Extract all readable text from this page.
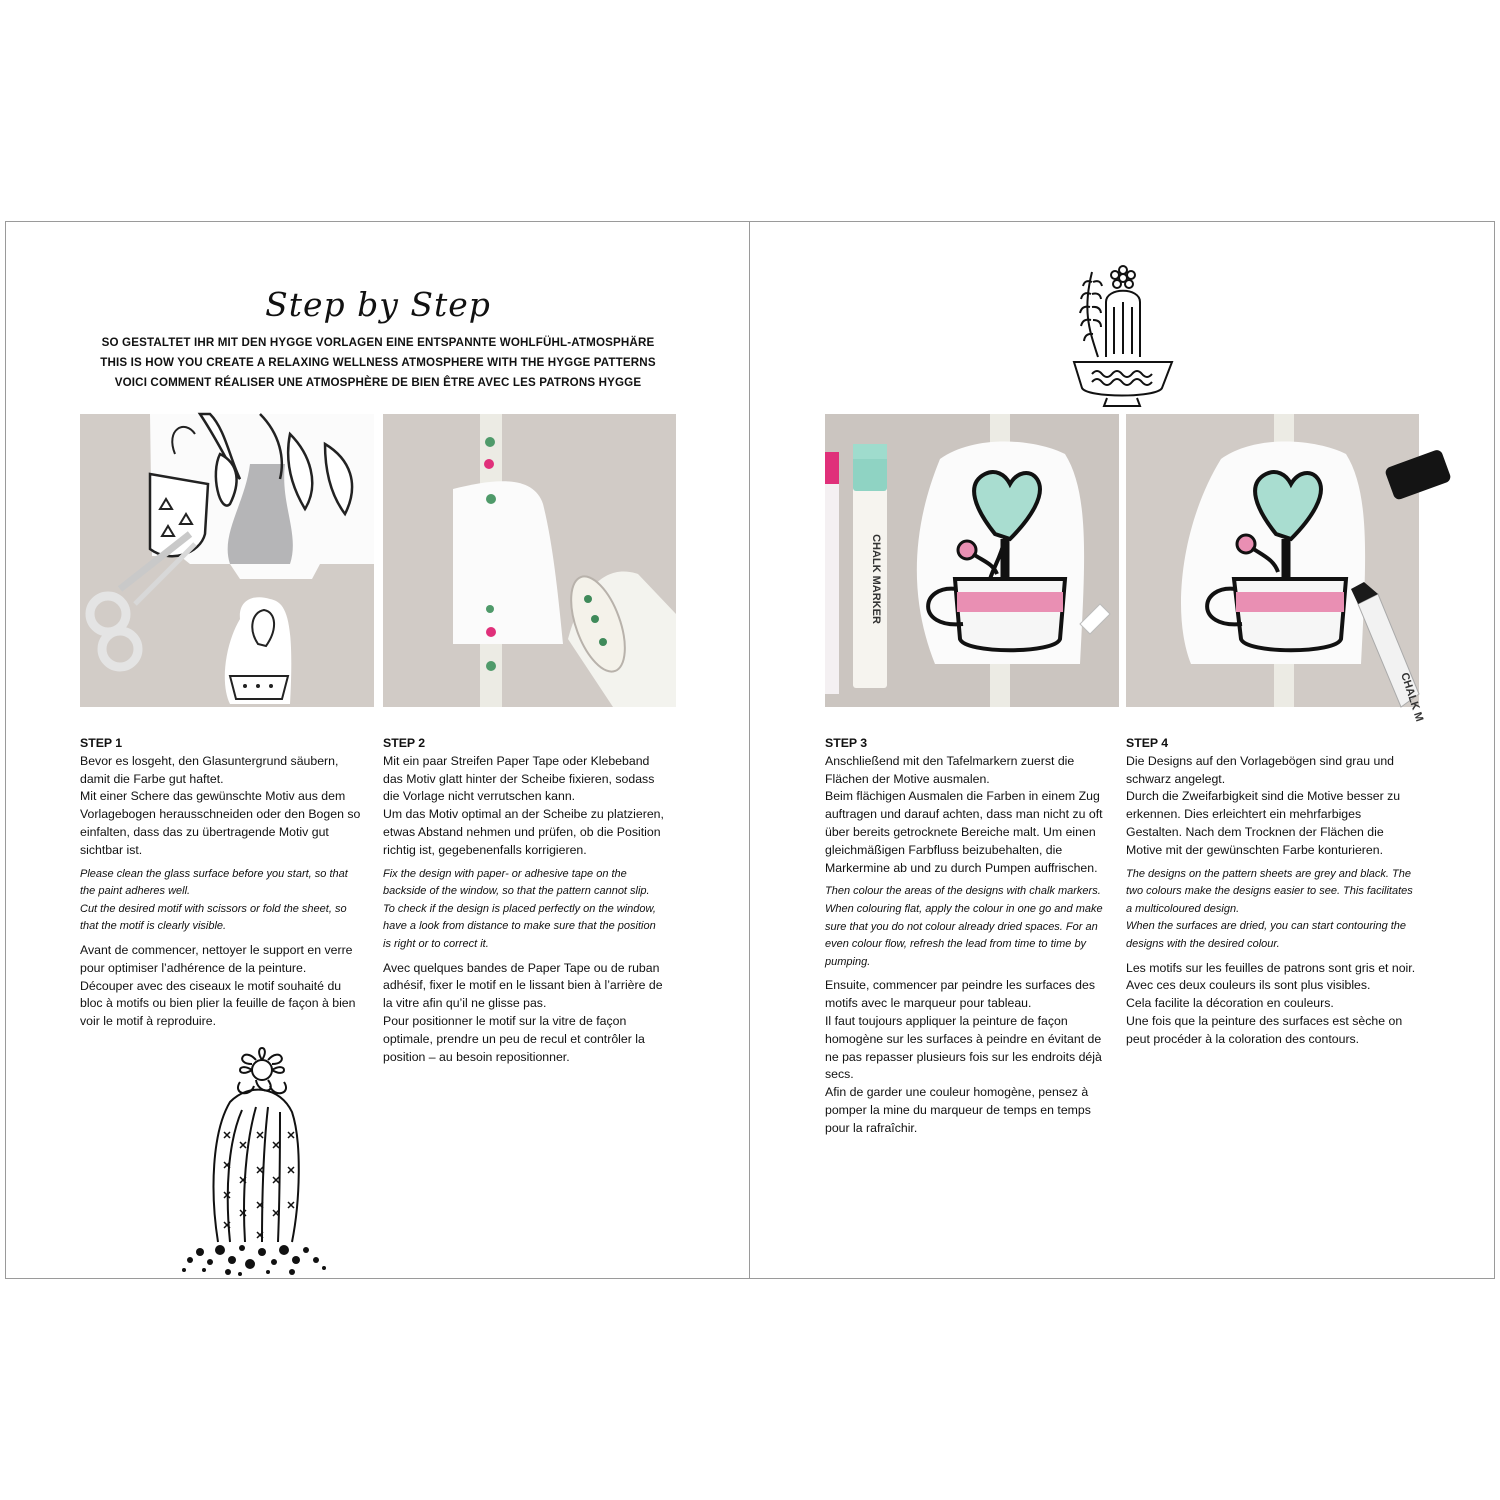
Step by Step
SO GESTALTET IHR MIT DEN HYGGE VORLAGEN EINE ENTSPANNTE WOHLFÜHL-ATMOSPHÄRE
THIS IS HOW YOU CREATE A RELAXING WELLNESS ATMOSPHERE WITH THE HYGGE PATTERNS
VOICI COMMENT RÉALISER UNE ATMOSPHÈRE DE BIEN ÊTRE AVEC LES PATRONS HYGGE
CHALK MARKER
CHALK M
STEP 1

Bevor es losgeht, den Glasuntergrund säubern, damit die Farbe gut haftet.
Mit einer Schere das gewünschte Motiv aus dem Vorlagebogen herausschneiden oder den Bogen so einfalten, dass das zu übertragende Motiv gut sichtbar ist.

Please clean the glass surface before you start, so that the paint adheres well.
Cut the desired motif with scissors or fold the sheet, so that the motif is clearly visible.

Avant de commencer, nettoyer le support en verre pour optimiser l’adhérence de la peinture.
Découper avec des ciseaux le motif souhaité du bloc à motifs ou bien plier la feuille de façon à bien voir le motif à reproduire.

STEP 2

Mit ein paar Streifen Paper Tape oder Klebeband das Motiv glatt hinter der Scheibe fixieren, sodass die Vorlage nicht verrutschen kann.
Um das Motiv optimal an der Scheibe zu platzieren, etwas Abstand nehmen und prüfen, ob die Position richtig ist, gegebenenfalls korrigieren.

Fix the design with paper- or adhesive tape on the backside of the window, so that the pattern cannot slip.
To check if the design is placed perfectly on the window, have a look from distance to make sure that the position is right or to correct it.

Avec quelques bandes de Paper Tape ou de ruban adhésif, fixer le motif en le lissant bien à l’arrière de la vitre afin qu’il ne glisse pas.
Pour positionner le motif sur la vitre de façon optimale, prendre un peu de recul et contrôler la position – au besoin repositionner.

STEP 3

Anschließend mit den Tafelmarkern zuerst die Flächen der Motive ausmalen.
Beim flächigen Ausmalen die Farben in einem Zug auftragen und darauf achten, dass man nicht zu oft über bereits getrocknete Bereiche malt. Um einen gleichmäßigen Farbfluss beizubehalten, die Markermine ab und zu durch Pumpen auffrischen.

Then colour the areas of the designs with chalk markers. When colouring flat, apply the colour in one go and make sure that you do not colour already dried spaces. For an even colour flow, refresh the lead from time to time by pumping.

Ensuite, commencer par peindre les surfaces des motifs avec le marqueur pour tableau.
Il faut toujours appliquer la peinture de façon homogène sur les surfaces à peindre en évitant de ne pas repasser plusieurs fois sur les endroits déjà secs.
Afin de garder une couleur homogène, pensez à pomper la mine du marqueur de temps en temps pour la rafraîchir.

STEP 4

Die Designs auf den Vorlagebögen sind grau und schwarz angelegt.
Durch die Zweifarbigkeit sind die Motive besser zu erkennen. Dies erleichtert ein mehrfarbiges Gestalten. Nach dem Trocknen der Flächen die Motive mit der gewünschten Farbe konturieren.

The designs on the pattern sheets are grey and black. The two colours make the designs easier to see. This facilitates a multicoloured design.
When the surfaces are dried, you can start contouring the designs with the desired colour.

Les motifs sur les feuilles de patrons sont gris et noir.
Avec ces deux couleurs ils sont plus visibles.
Cela facilite la décoration en couleurs.
Une fois que la peinture des surfaces est sèche on peut procéder à la coloration des contours.
